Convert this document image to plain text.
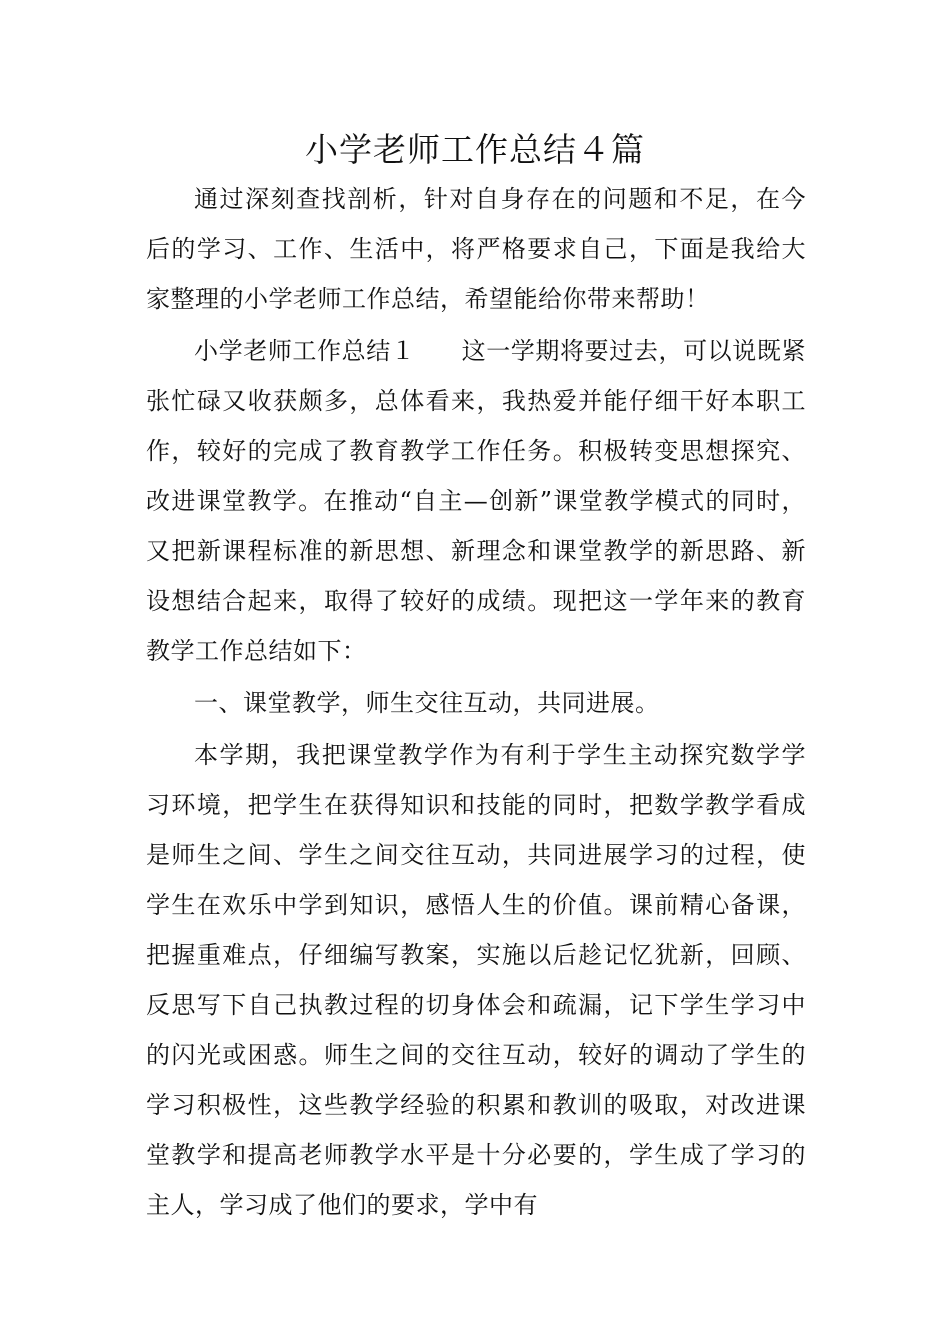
小学老师工作总结４篇

通过深刻查找剖析，针对自身存在的问题和不足，在今后的学习、工作、生活中，将严格要求自己，下面是我给大家整理的小学老师工作总结，希望能给你带来帮助！

小学老师工作总结１ 这一学期将要过去，可以说既紧张忙碌又收获颇多，总体看来，我热爱并能仔细干好本职工作，较好的完成了教育教学工作任务。积极转变思想探究、改进课堂教学。在推动“自主—创新”课堂教学模式的同时，又把新课程标准的新思想、新理念和课堂教学的新思路、新设想结合起来，取得了较好的成绩。现把这一学年来的教育教学工作总结如下：

一、课堂教学，师生交往互动，共同进展。

本学期，我把课堂教学作为有利于学生主动探究数学学习环境，把学生在获得知识和技能的同时，把数学教学看成是师生之间、学生之间交往互动，共同进展学习的过程，使学生在欢乐中学到知识，感悟人生的价值。课前精心备课，把握重难点，仔细编写教案，实施以后趁记忆犹新，回顾、反思写下自己执教过程的切身体会和疏漏，记下学生学习中的闪光或困惑。师生之间的交往互动，较好的调动了学生的学习积极性，这些教学经验的积累和教训的吸取，对改进课堂教学和提高老师教学水平是十分必要的，学生成了学习的主人，学习成了他们的要求，学中有
